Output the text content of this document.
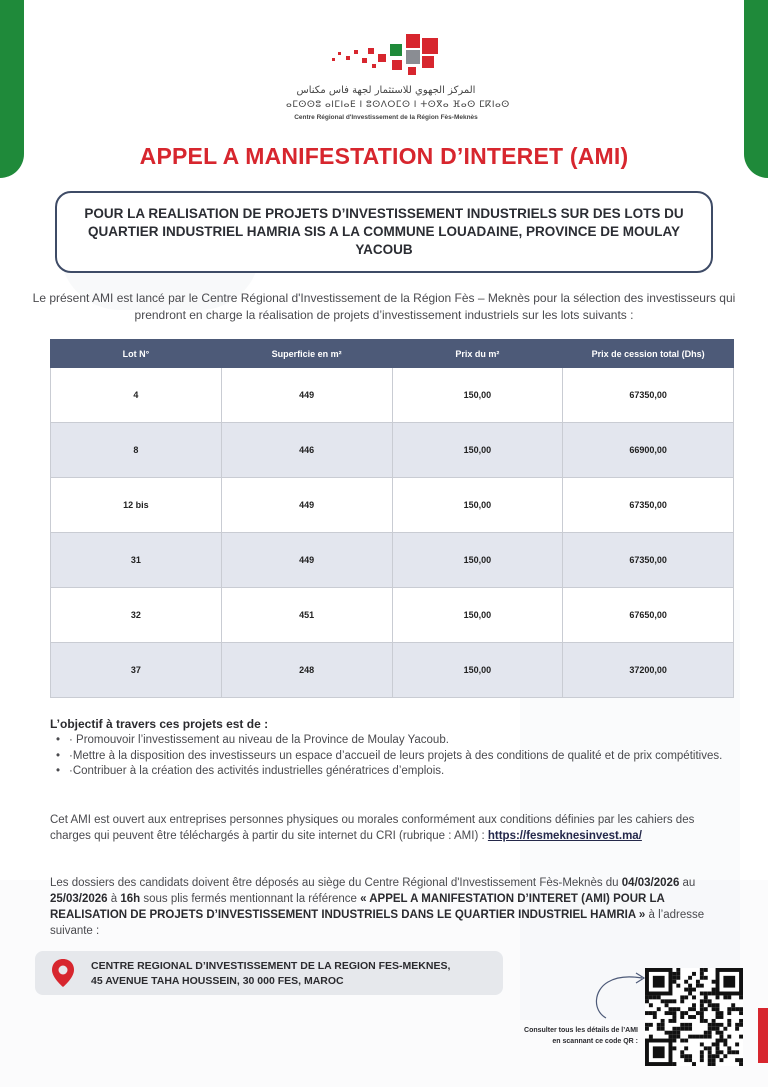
المركز الجهوي للاستثمار لجهة فاس مكناس
ⴰⵎⵙⵙⵓ ⴰⵏⵎⵏⴰⴹ ⵏ ⵓⵙⴷⵔⵎⵙ ⵏ ⵜⵙⴳⴰ ⴼⴰⵙ ⵎⴽⵏⴰⵙ
Centre Régional d'Investissement de la Région Fès-Meknès
APPEL A MANIFESTATION D’INTERET (AMI)
POUR LA REALISATION DE PROJETS D’INVESTISSEMENT INDUSTRIELS SUR DES LOTS DU QUARTIER INDUSTRIEL HAMRIA SIS A LA COMMUNE LOUADAINE, PROVINCE DE MOULAY YACOUB

Le présent AMI est lancé par le Centre Régional d'Investissement de la Région Fès – Meknès pour la sélection des investisseurs qui prendront en charge la réalisation de projets d’investissement industriels sur les lots suivants :

Lot N°	Superficie en m²	Prix du m²	Prix de cession total (Dhs)
4	449	150,00	67350,00
8	446	150,00	66900,00
12 bis	449	150,00	67350,00
31	449	150,00	67350,00
32	451	150,00	67650,00
37	248	150,00	37200,00
L’objectif à travers ces projets est de :
• · Promouvoir l’investissement au niveau de la Province de Moulay Yacoub.
• ·Mettre à la disposition des investisseurs un espace d’accueil de leurs projets à des conditions de qualité et de prix compétitives.
• ·Contribuer à la création des activités industrielles génératrices d’emplois.

Cet AMI est ouvert aux entreprises personnes physiques ou morales conformément aux conditions définies par les cahiers des charges qui peuvent être téléchargés à partir du site internet du CRI (rubrique : AMI) : https://fesmeknesinvest.ma/

Les dossiers des candidats doivent être déposés au siège du Centre Régional d'Investissement Fès-Meknès du 04/03/2026 au 25/03/2026 à 16h sous plis fermés mentionnant la référence « APPEL A MANIFESTATION D’INTERET (AMI) POUR LA REALISATION DE PROJETS D’INVESTISSEMENT INDUSTRIELS DANS LE QUARTIER INDUSTRIEL HAMRIA » à l’adresse suivante :

CENTRE REGIONAL D’INVESTISSEMENT DE LA REGION FES-MEKNES,
45 AVENUE TAHA HOUSSEIN, 30 000 FES, MAROC
Consulter tous les détails de l’AMI en scannant ce code QR :
